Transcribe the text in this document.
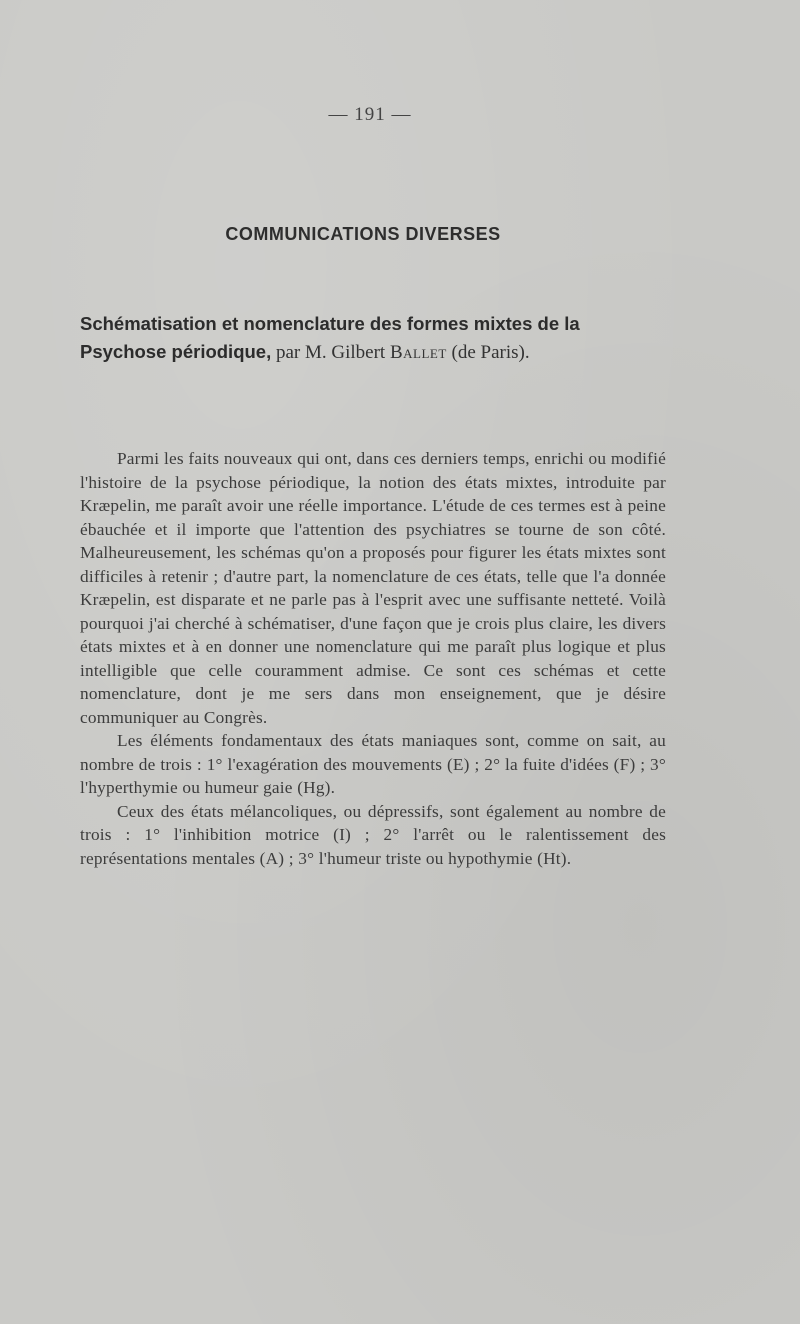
— 191 —
COMMUNICATIONS DIVERSES
Schématisation et nomenclature des formes mixtes de la Psychose périodique, par M. Gilbert Ballet (de Paris).

Parmi les faits nouveaux qui ont, dans ces derniers temps, enrichi ou modifié l'histoire de la psychose périodique, la notion des états mixtes, introduite par Kræpelin, me paraît avoir une réelle importance. L'étude de ces termes est à peine ébauchée et il importe que l'attention des psychiatres se tourne de son côté. Malheureusement, les schémas qu'on a proposés pour figurer les états mixtes sont difficiles à retenir ; d'autre part, la nomenclature de ces états, telle que l'a donnée Kræpelin, est disparate et ne parle pas à l'esprit avec une suffisante netteté. Voilà pourquoi j'ai cherché à schématiser, d'une façon que je crois plus claire, les divers états mixtes et à en donner une nomenclature qui me paraît plus logique et plus intelligible que celle couramment admise. Ce sont ces schémas et cette nomenclature, dont je me sers dans mon enseignement, que je désire communiquer au Congrès.

Les éléments fondamentaux des états maniaques sont, comme on sait, au nombre de trois : 1° l'exagération des mouvements (E) ; 2° la fuite d'idées (F) ; 3° l'hyperthymie ou humeur gaie (Hg).

Ceux des états mélancoliques, ou dépressifs, sont également au nombre de trois : 1° l'inhibition motrice (I) ; 2° l'arrêt ou le ralentissement des représentations mentales (A) ; 3° l'humeur triste ou hypothymie (Ht).
